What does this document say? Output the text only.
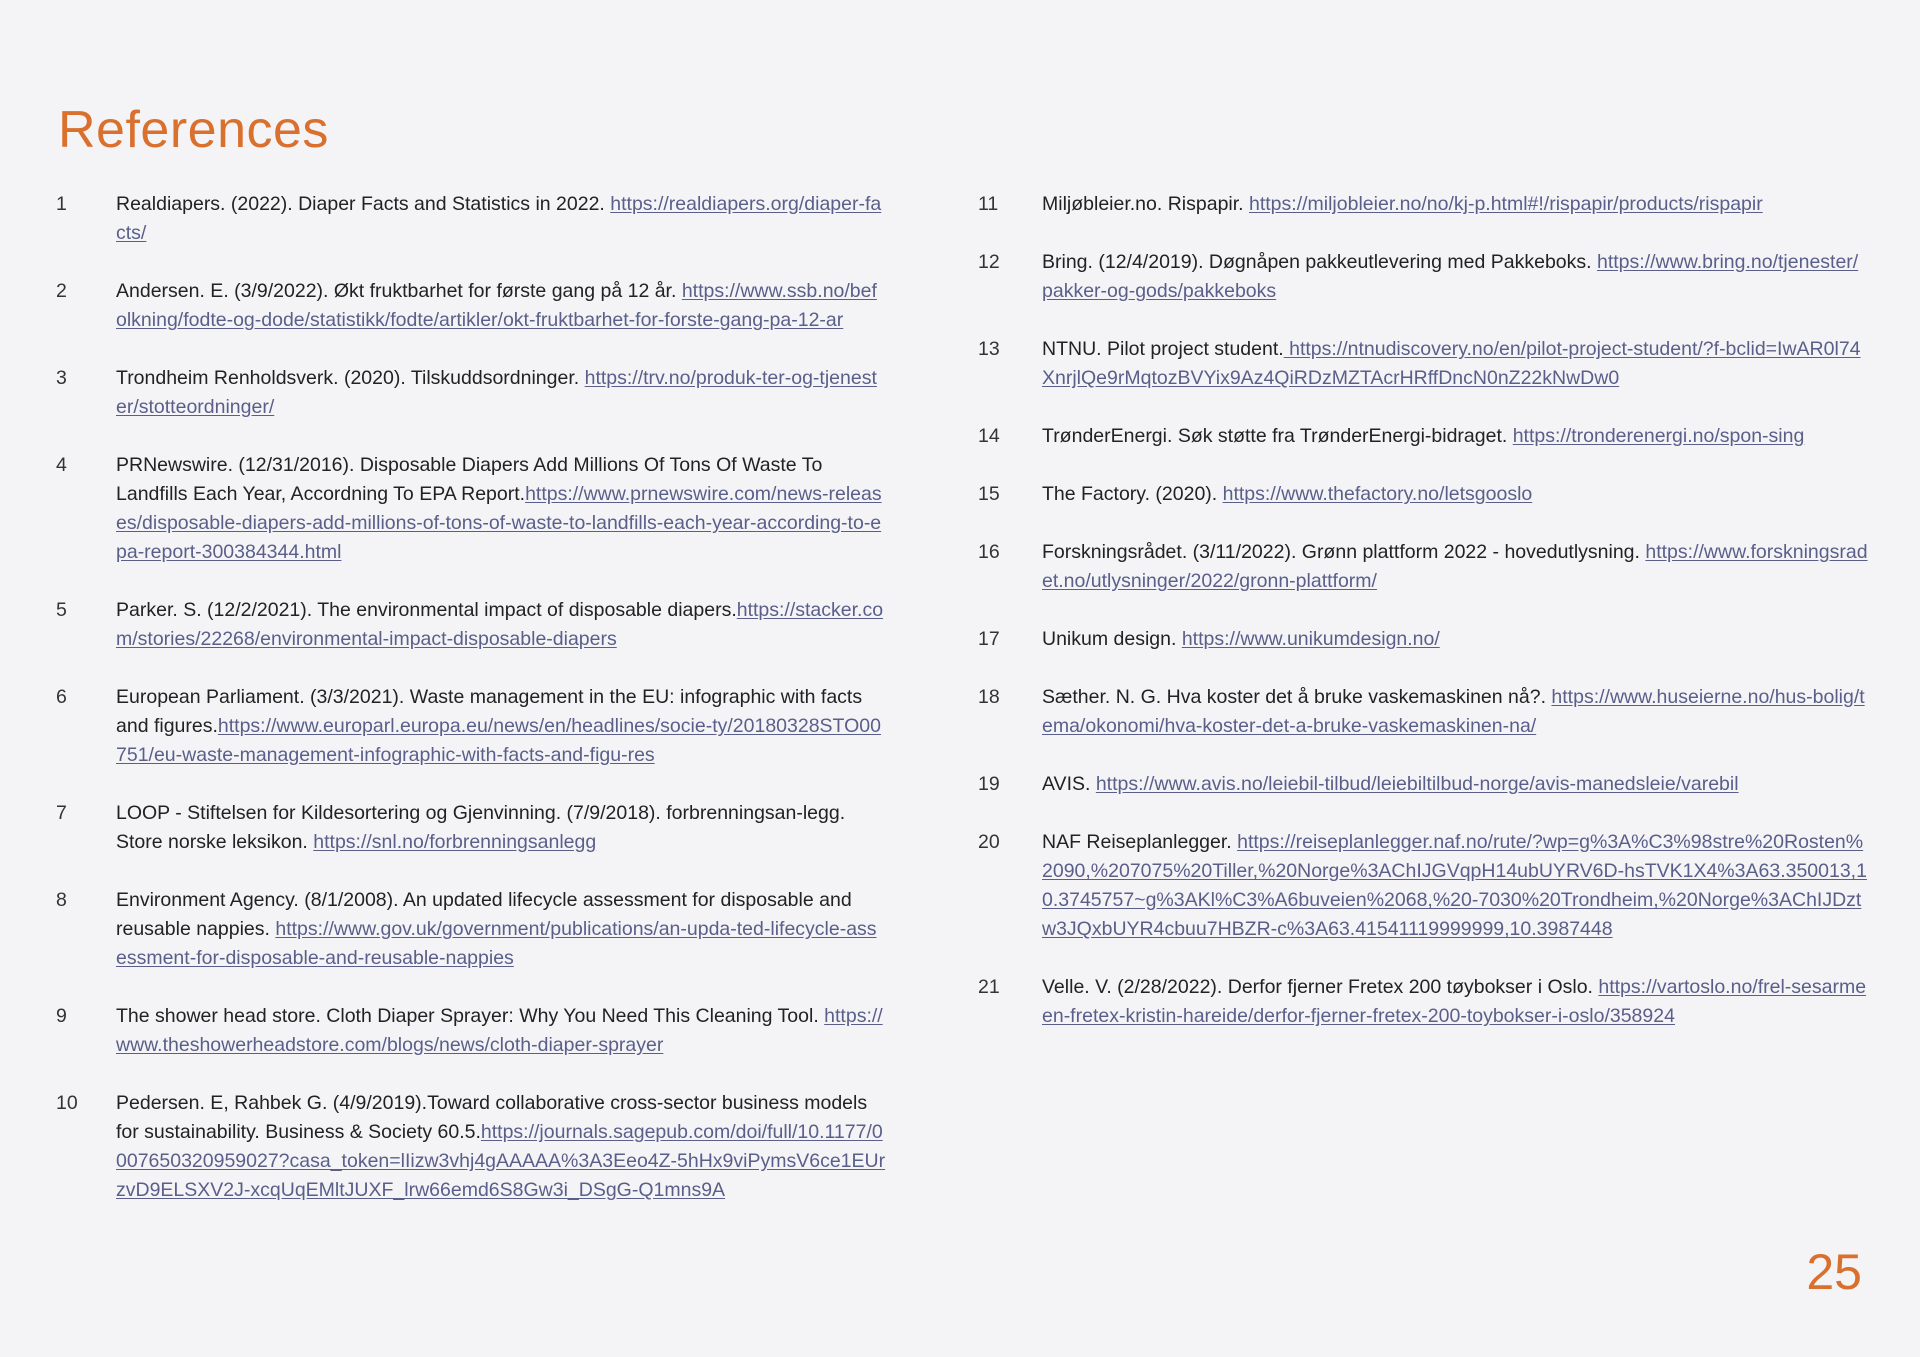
References
1	Realdiapers. (2022). Diaper Facts and Statistics in 2022. https://realdiapers.org/diaper-facts/
2	Andersen. E. (3/9/2022). Økt fruktbarhet for første gang på 12 år. https://www.ssb.no/befolkning/fodte-og-dode/statistikk/fodte/artikler/okt-fruktbarhet-for-forste-gang-pa-12-ar
3	Trondheim Renholdsverk. (2020). Tilskuddsordninger. https://trv.no/produk-ter-og-tjenester/stotteordninger/
4	PRNewswire. (12/31/2016). Disposable Diapers Add Millions Of Tons Of Waste To Landfills Each Year, Accordning To EPA Report.https://www.prnewswire.com/news-releases/disposable-diapers-add-millions-of-tons-of-waste-to-landfills-each-year-according-to-epa-report-300384344.html
5	Parker. S. (12/2/2021). The environmental impact of disposable diapers.https://stacker.com/stories/22268/environmental-impact-disposable-diapers
6	European Parliament. (3/3/2021). Waste management in the EU: infographic with facts and figures.https://www.europarl.europa.eu/news/en/headlines/socie-ty/20180328STO00751/eu-waste-management-infographic-with-facts-and-figu-res
7	LOOP - Stiftelsen for Kildesortering og Gjenvinning. (7/9/2018). forbrenningsan-legg. Store norske leksikon. https://snl.no/forbrenningsanlegg
8	Environment Agency. (8/1/2008). An updated lifecycle assessment for disposable and reusable nappies. https://www.gov.uk/government/publications/an-upda-ted-lifecycle-assessment-for-disposable-and-reusable-nappies
9	The shower head store. Cloth Diaper Sprayer: Why You Need This Cleaning Tool. https://www.theshowerheadstore.com/blogs/news/cloth-diaper-sprayer
10	Pedersen. E, Rahbek G. (4/9/2019).Toward collaborative cross-sector business models for sustainability. Business & Society 60.5.https://journals.sagepub.com/doi/full/10.1177/0007650320959027?casa_token=lIizw3vhj4gAAAAA%3A3Eeo4Z-5hHx9viPymsV6ce1EUrzvD9ELSXV2J-xcqUqEMltJUXF_lrw66emd6S8Gw3i_DSgG-Q1mns9A
11	Miljøbleier.no. Rispapir. https://miljobleier.no/no/kj-p.html#!/rispapir/products/rispapir
12	Bring. (12/4/2019). Døgnåpen pakkeutlevering med Pakkeboks. https://www.bring.no/tjenester/pakker-og-gods/pakkeboks
13	NTNU. Pilot project student. https://ntnudiscovery.no/en/pilot-project-student/?f-bclid=IwAR0l74XnrjlQe9rMqtozBVYix9Az4QiRDzMZTAcrHRffDncN0nZ22kNwDw0
14	TrønderEnergi. Søk støtte fra TrønderEnergi-bidraget. https://tronderenergi.no/spon-sing
15	The Factory. (2020). https://www.thefactory.no/letsgooslo
16	Forskningsrådet. (3/11/2022). Grønn plattform 2022 - hovedutlysning. https://www.forskningsradet.no/utlysninger/2022/gronn-plattform/
17	Unikum design. https://www.unikumdesign.no/
18	Sæther. N. G. Hva koster det å bruke vaskemaskinen nå?. https://www.huseierne.no/hus-bolig/tema/okonomi/hva-koster-det-a-bruke-vaskemaskinen-na/
19	AVIS. https://www.avis.no/leiebil-tilbud/leiebiltilbud-norge/avis-manedsleie/varebil
20	NAF Reiseplanlegger. https://reiseplanlegger.naf.no/rute/?wp=g%3A%C3%98stre%20Rosten%2090,%207075%20Tiller,%20Norge%3AChIJGVqpH14ubUYRV6D-hsTVK1X4%3A63.350013,10.3745757~g%3AKl%C3%A6buveien%2068,%20-7030%20Trondheim,%20Norge%3AChIJDztw3JQxbUYR4cbuu7HBZR-c%3A63.41541119999999,10.3987448
21	Velle. V. (2/28/2022). Derfor fjerner Fretex 200 tøybokser i Oslo. https://vartoslo.no/frel-sesarmeen-fretex-kristin-hareide/derfor-fjerner-fretex-200-toybokser-i-oslo/358924
25
